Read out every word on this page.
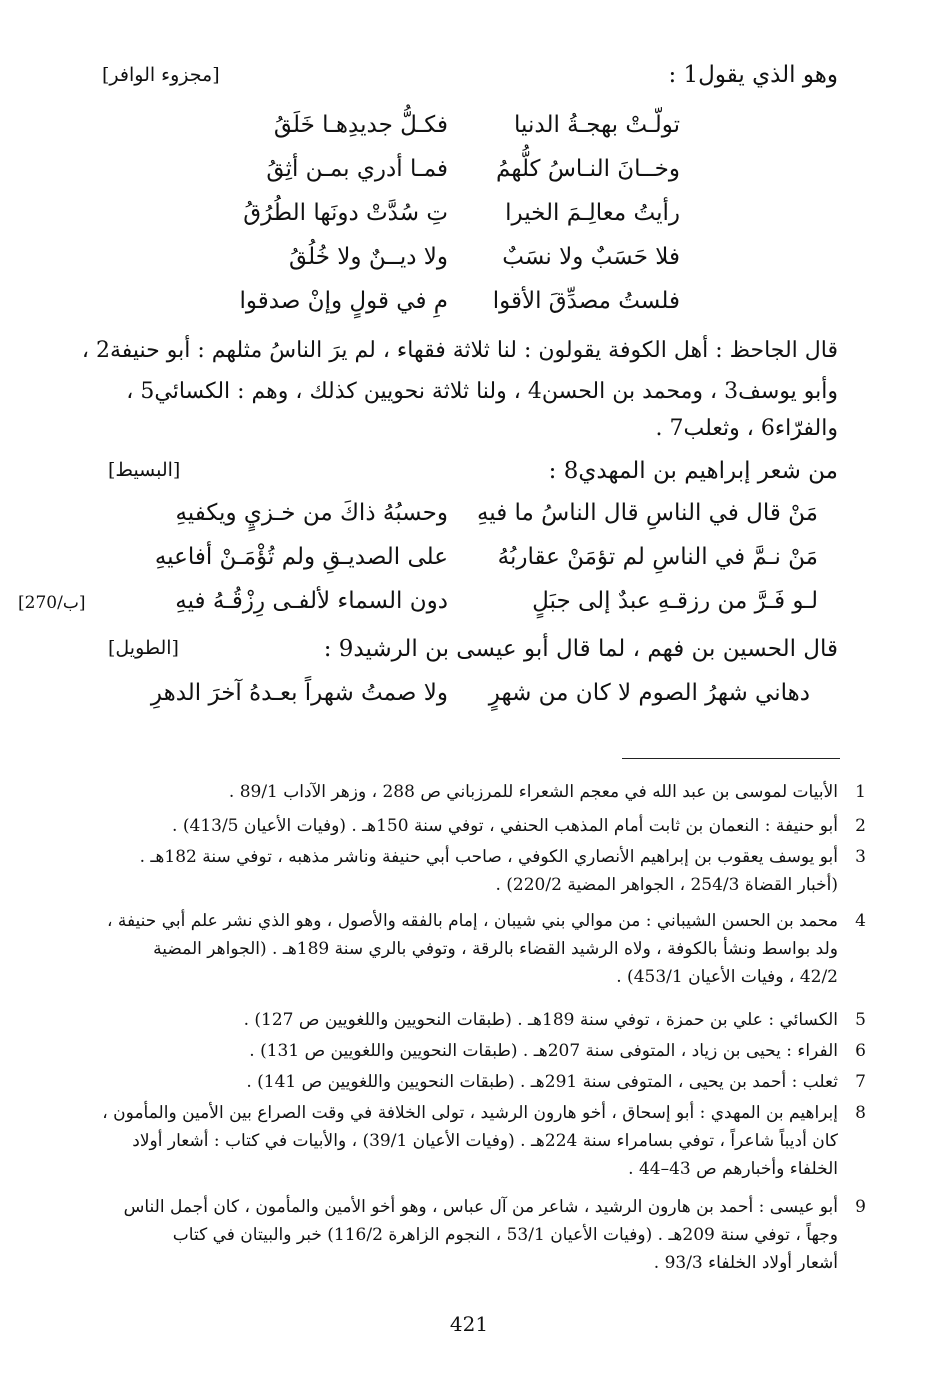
وهو الذي يقول1 :
[مجزوء الوافر]
تولّـتْ بهجـةُ الدنيا
فكـلُّ جديدِهـا خَلَقُ
وخــانَ النـاسُ كلُّهمُ
فمـا أدري بمـن أثِقُ
رأيتُ معالِـمَ الخيرا
تِ سُدَّتْ دونَها الطُرُقُ
فلا حَسَبٌ ولا نسَبٌ
ولا ديــنٌ ولا خُلُقُ
فلستُ مصدِّقَ الأقوا
مِ في قولٍ وإنْ صدقوا
قال الجاحظ : أهل الكوفة يقولون : لنا ثلاثة فقهاء ، لم يرَ الناسُ مثلهم : أبو حنيفة2 ،
وأبو يوسف3 ، ومحمد بن الحسن4 ، ولنا ثلاثة نحويين كذلك ، وهم : الكسائي5 ،
والفرّاء6 ، وثعلب7 .
من شعر إبراهيم بن المهدي8 :
[البسيط]
مَنْ قال في الناسِ قال الناسُ ما فيهِ
وحسبُهُ ذاكَ من خـزيٍ ويكفيهِ
مَنْ نـمَّ في الناسِ لم تؤمَنْ عقاربُهُ
على الصديـقِ ولم تُؤْمَـنْ أفاعيهِ
لـو فَـرَّ من رزقـهِ عبدٌ إلى جبَلٍ
دون السماء لألفـى رِزْقُـهُ فيهِ
[270/ب]
قال الحسين بن فهم ، لما قال أبو عيسى بن الرشيد9 :
[الطويل]
دهاني شهرُ الصوم لا كان من شهرٍ
ولا صمتُ شهراً بعـدهُ آخرَ الدهرِ
1
الأبيات لموسى بن عبد الله في معجم الشعراء للمرزباني ص 288 ، وزهر الآداب 89/1 .
2
أبو حنيفة : النعمان بن ثابت أمام المذهب الحنفي ، توفي سنة 150هـ . (وفيات الأعيان 413/5) .
3
أبو يوسف يعقوب بن إبراهيم الأنصاري الكوفي ، صاحب أبي حنيفة وناشر مذهبه ، توفي سنة 182هـ .
(أخبار القضاة 254/3 ، الجواهر المضية 220/2) .
4
محمد بن الحسن الشيباني : من موالي بني شيبان ، إمام بالفقه والأصول ، وهو الذي نشر علم أبي حنيفة ،
ولد بواسط ونشأ بالكوفة ، ولاه الرشيد القضاء بالرقة ، وتوفي بالري سنة 189هـ . (الجواهر المضية
42/2 ، وفيات الأعيان 453/1) .
5
الكسائي : علي بن حمزة ، توفي سنة 189هـ . (طبقات النحويين واللغويين ص 127) .
6
الفراء : يحيى بن زياد ، المتوفى سنة 207هـ . (طبقات النحويين واللغويين ص 131) .
7
ثعلب : أحمد بن يحيى ، المتوفى سنة 291هـ . (طبقات النحويين واللغويين ص 141) .
8
إبراهيم بن المهدي : أبو إسحاق ، أخو هارون الرشيد ، تولى الخلافة في وقت الصراع بين الأمين والمأمون ،
كان أديباً شاعراً ، توفي بسامراء سنة 224هـ . (وفيات الأعيان 39/1) ، والأبيات في كتاب : أشعار أولاد
الخلفاء وأخبارهم ص 43–44 .
9
أبو عيسى : أحمد بن هارون الرشيد ، شاعر من آل عباس ، وهو أخو الأمين والمأمون ، كان أجمل الناس
وجهاً ، توفي سنة 209هـ . (وفيات الأعيان 53/1 ، النجوم الزاهرة 116/2) خبر والبيتان في كتاب
أشعار أولاد الخلفاء 93/3 .
421
